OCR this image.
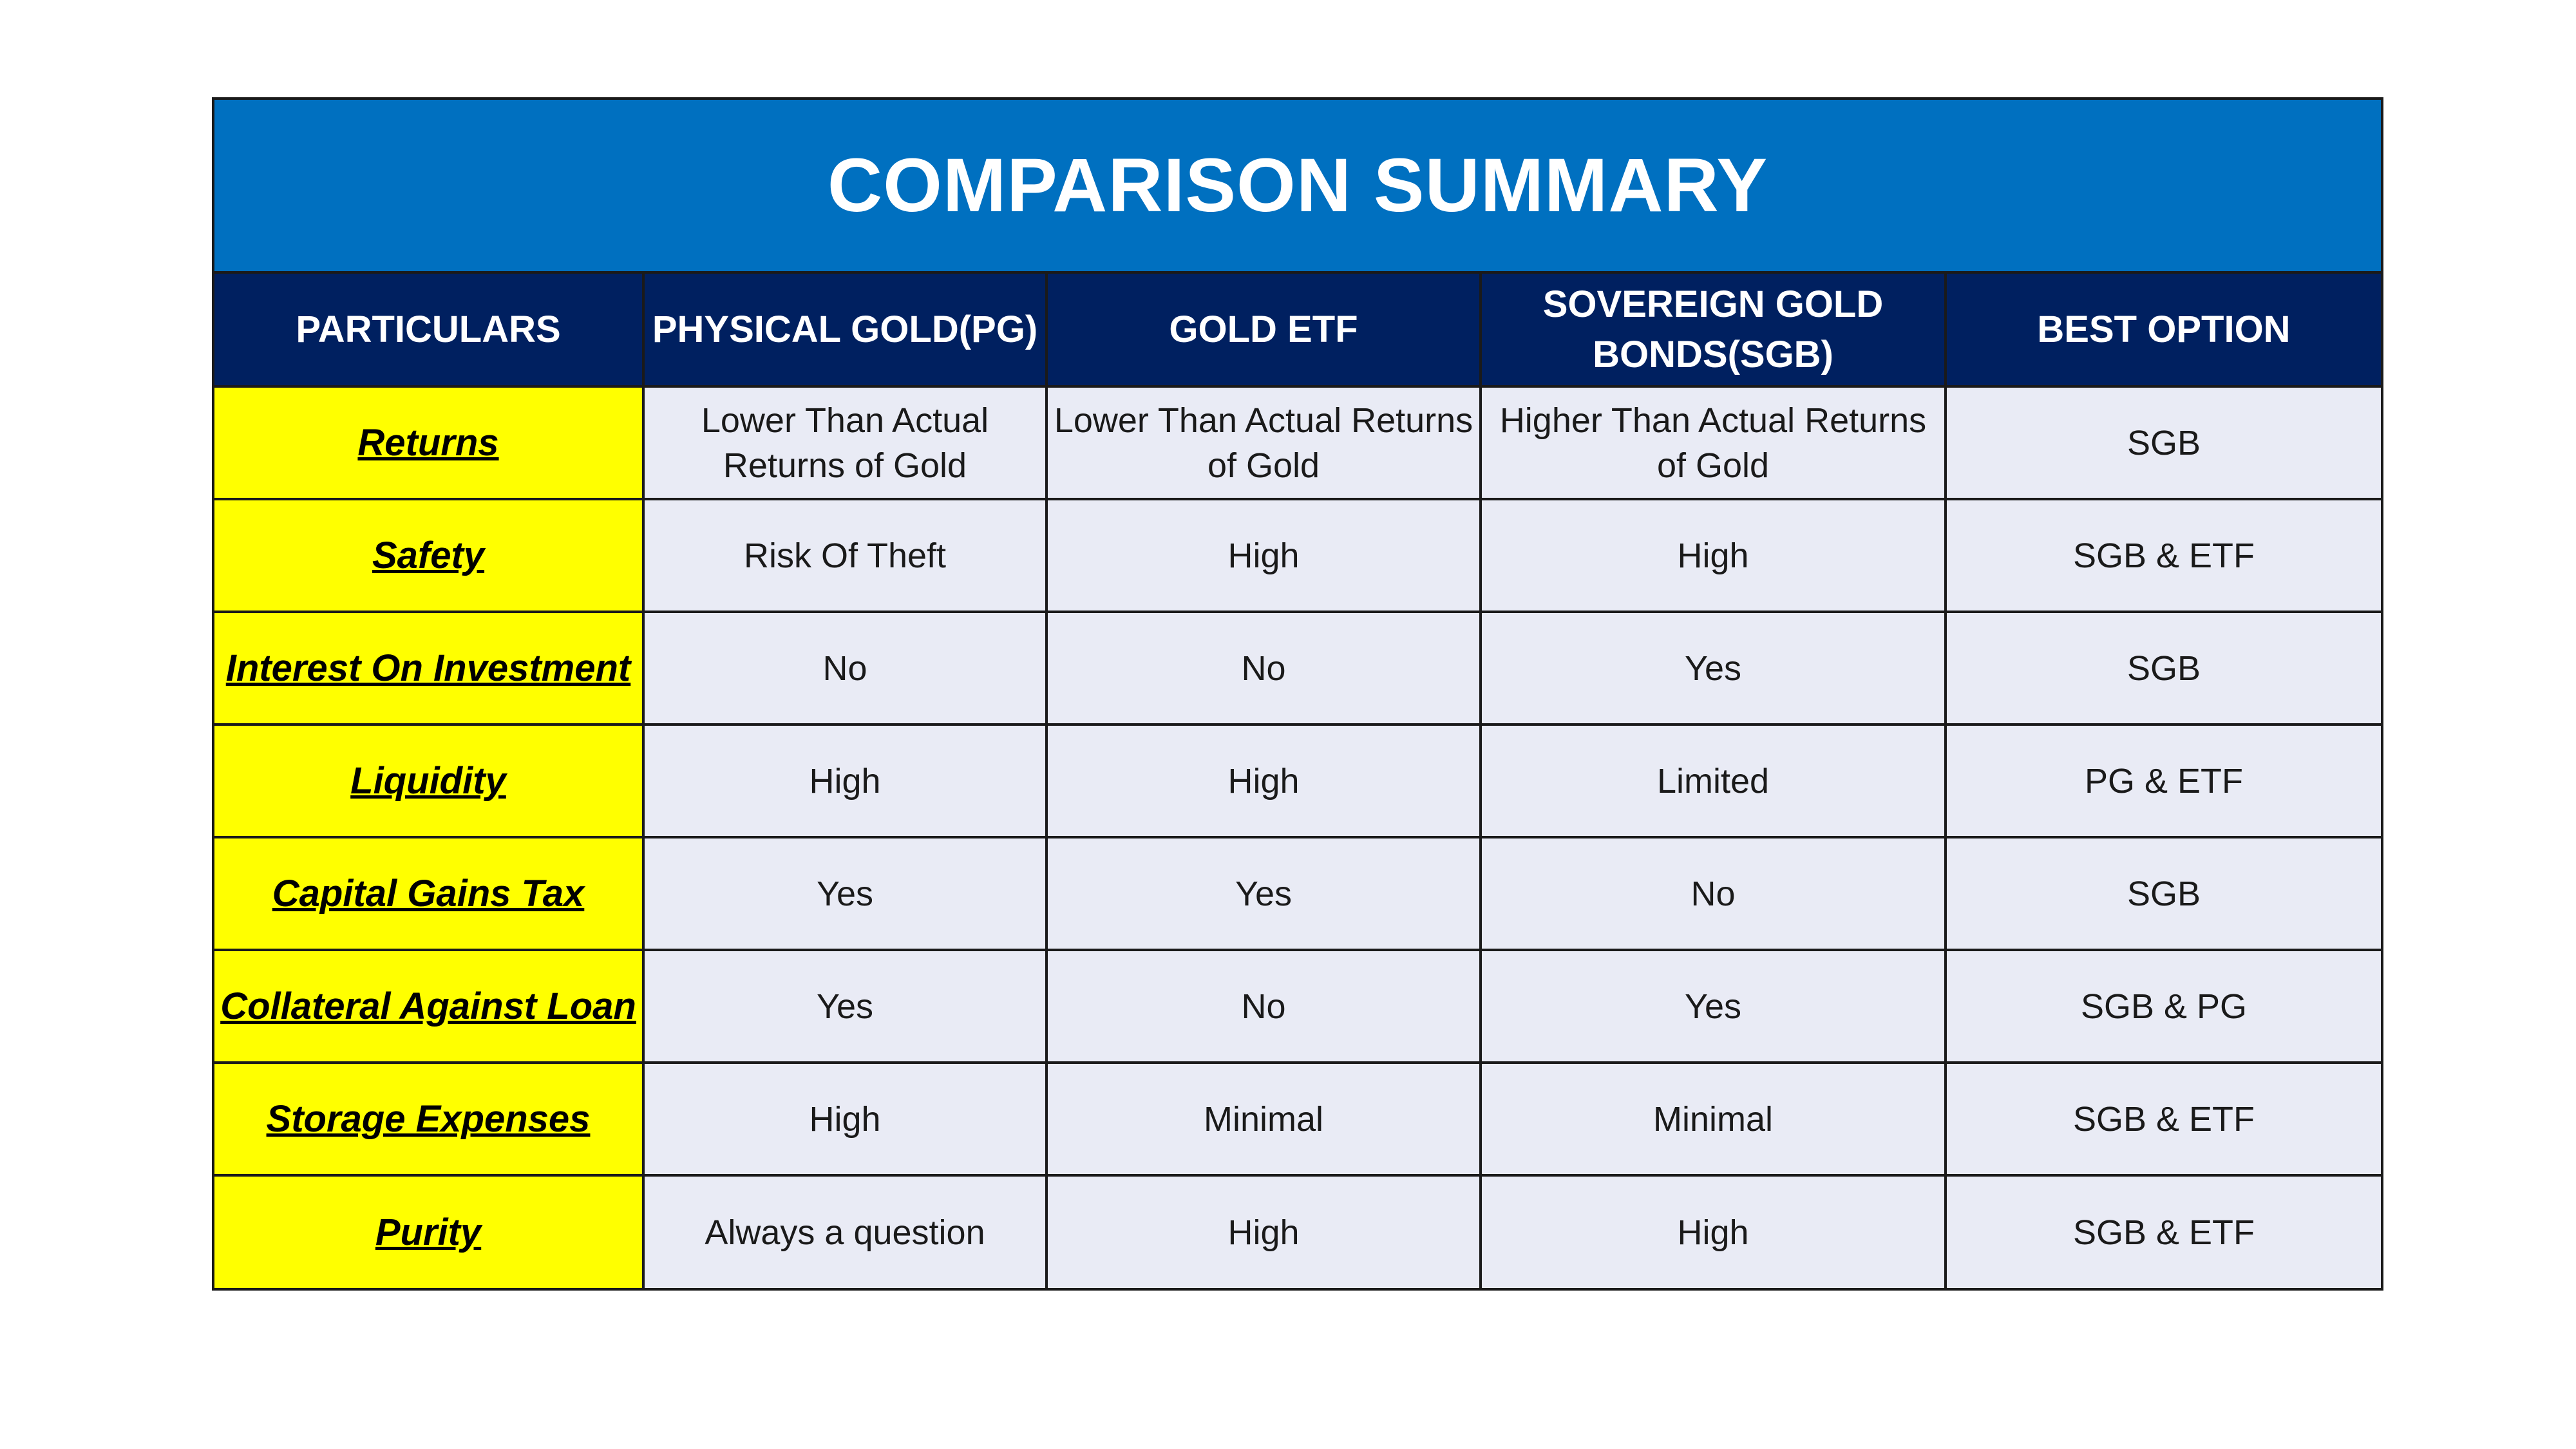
COMPARISON SUMMARY
PARTICULARS	PHYSICAL GOLD(PG)	GOLD ETF	SOVEREIGN GOLD BONDS(SGB)	BEST OPTION
Returns	Lower Than Actual Returns of Gold	Lower Than Actual Returns of Gold	Higher Than Actual Returns of Gold	SGB
Safety	Risk Of Theft	High	High	SGB & ETF
Interest On Investment	No	No	Yes	SGB
Liquidity	High	High	Limited	PG & ETF
Capital Gains Tax	Yes	Yes	No	SGB
Collateral Against Loan	Yes	No	Yes	SGB & PG
Storage Expenses	High	Minimal	Minimal	SGB & ETF
Purity	Always a question	High	High	SGB & ETF
